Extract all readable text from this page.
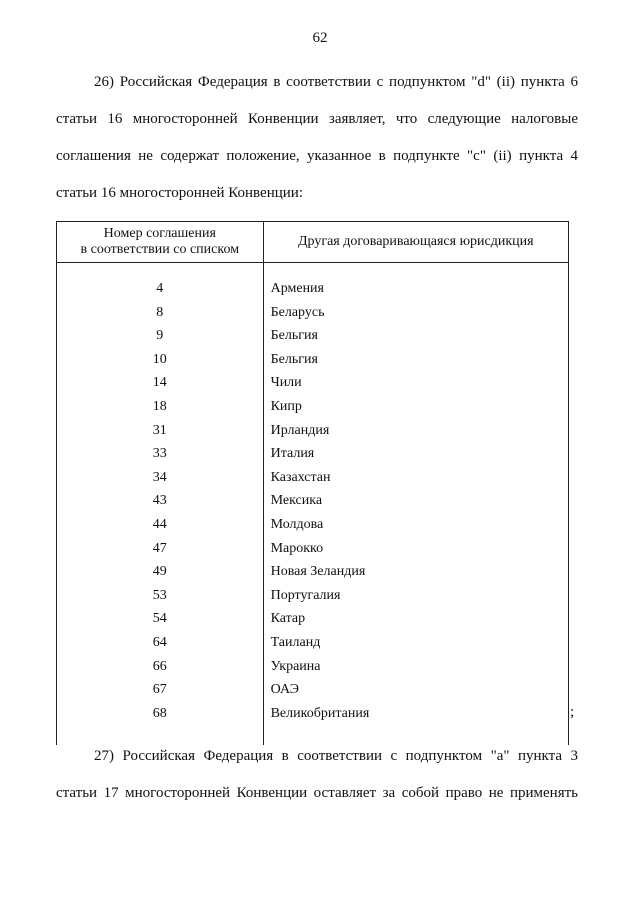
62
26) Российская Федерация в соответствии с подпунктом "d" (ii) пункта 6
статьи 16 многосторонней Конвенции заявляет, что следующие налоговые
соглашения не содержат положение, указанное в подпункте "c" (ii) пункта 4
статьи 16 многосторонней Конвенции:
Номер соглашения
в соответствии со списком	Другая договаривающаяся юрисдикция

4	Армения
8	Беларусь
9	Бельгия
10	Бельгия
14	Чили
18	Кипр
31	Ирландия
33	Италия
34	Казахстан
43	Мексика
44	Молдова
47	Марокко
49	Новая Зеландия
53	Португалия
54	Катар
64	Таиланд
66	Украина
67	ОАЭ
68	Великобритания
		;
27) Российская Федерация в соответствии с подпунктом "a" пункта 3
статьи 17 многосторонней Конвенции оставляет за собой право не применять
